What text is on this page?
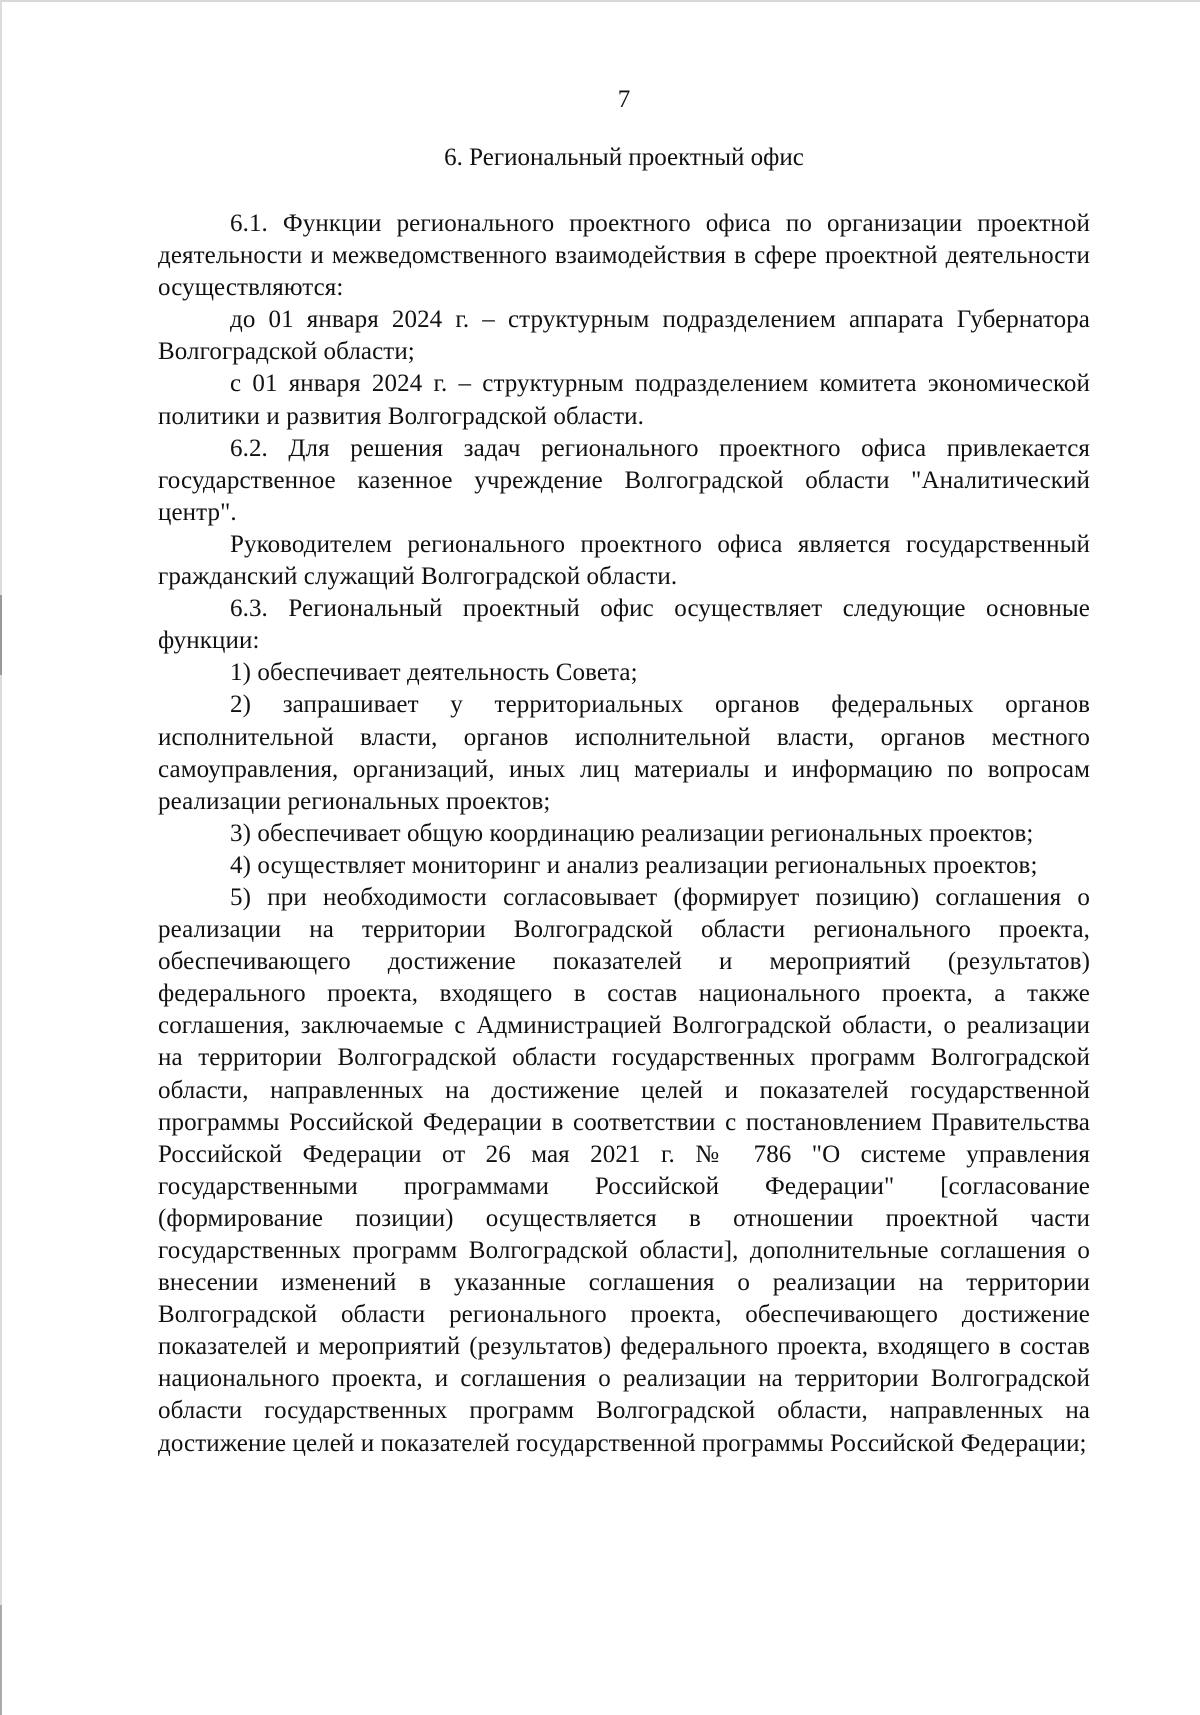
7
6. Региональный проектный офис

6.1. Функции регионального проектного офиса по организации проектной деятельности и межведомственного взаимодействия в сфере проектной деятельности осуществляются:

до 01 января 2024 г. – структурным подразделением аппарата Губернатора Волгоградской области;

с 01 января 2024 г. – структурным подразделением комитета экономической политики и развития Волгоградской области.

6.2. Для решения задач регионального проектного офиса привлекается государственное казенное учреждение Волгоградской области "Аналитический центр".

Руководителем регионального проектного офиса является государственный гражданский служащий Волгоградской области.

6.3. Региональный проектный офис осуществляет следующие основные функции:

1) обеспечивает деятельность Совета;

2) запрашивает у территориальных органов федеральных органов исполнительной власти, органов исполнительной власти, органов местного самоуправления, организаций, иных лиц материалы и информацию по вопросам реализации региональных проектов;

3) обеспечивает общую координацию реализации региональных проектов;

4) осуществляет мониторинг и анализ реализации региональных проектов;

5) при необходимости согласовывает (формирует позицию) соглашения о реализации на территории Волгоградской области регионального проекта, обеспечивающего достижение показателей и мероприятий (результатов) федерального проекта, входящего в состав национального проекта, а также соглашения, заключаемые с Администрацией Волгоградской области, о реализации на территории Волгоградской области государственных программ Волгоградской области, направленных на достижение целей и показателей государственной программы Российской Федерации в соответствии с постановлением Правительства Российской Федерации от 26 мая 2021 г. № 786 "О системе управления государственными программами Российской Федерации" [согласование (формирование позиции) осуществляется в отношении проектной части государственных программ Волгоградской области], дополнительные соглашения о внесении изменений в указанные соглашения о реализации на территории Волгоградской области регионального проекта, обеспечивающего достижение показателей и мероприятий (результатов) федерального проекта, входящего в состав национального проекта, и соглашения о реализации на территории Волгоградской области государственных программ Волгоградской области, направленных на достижение целей и показателей государственной программы Российской Федерации;
